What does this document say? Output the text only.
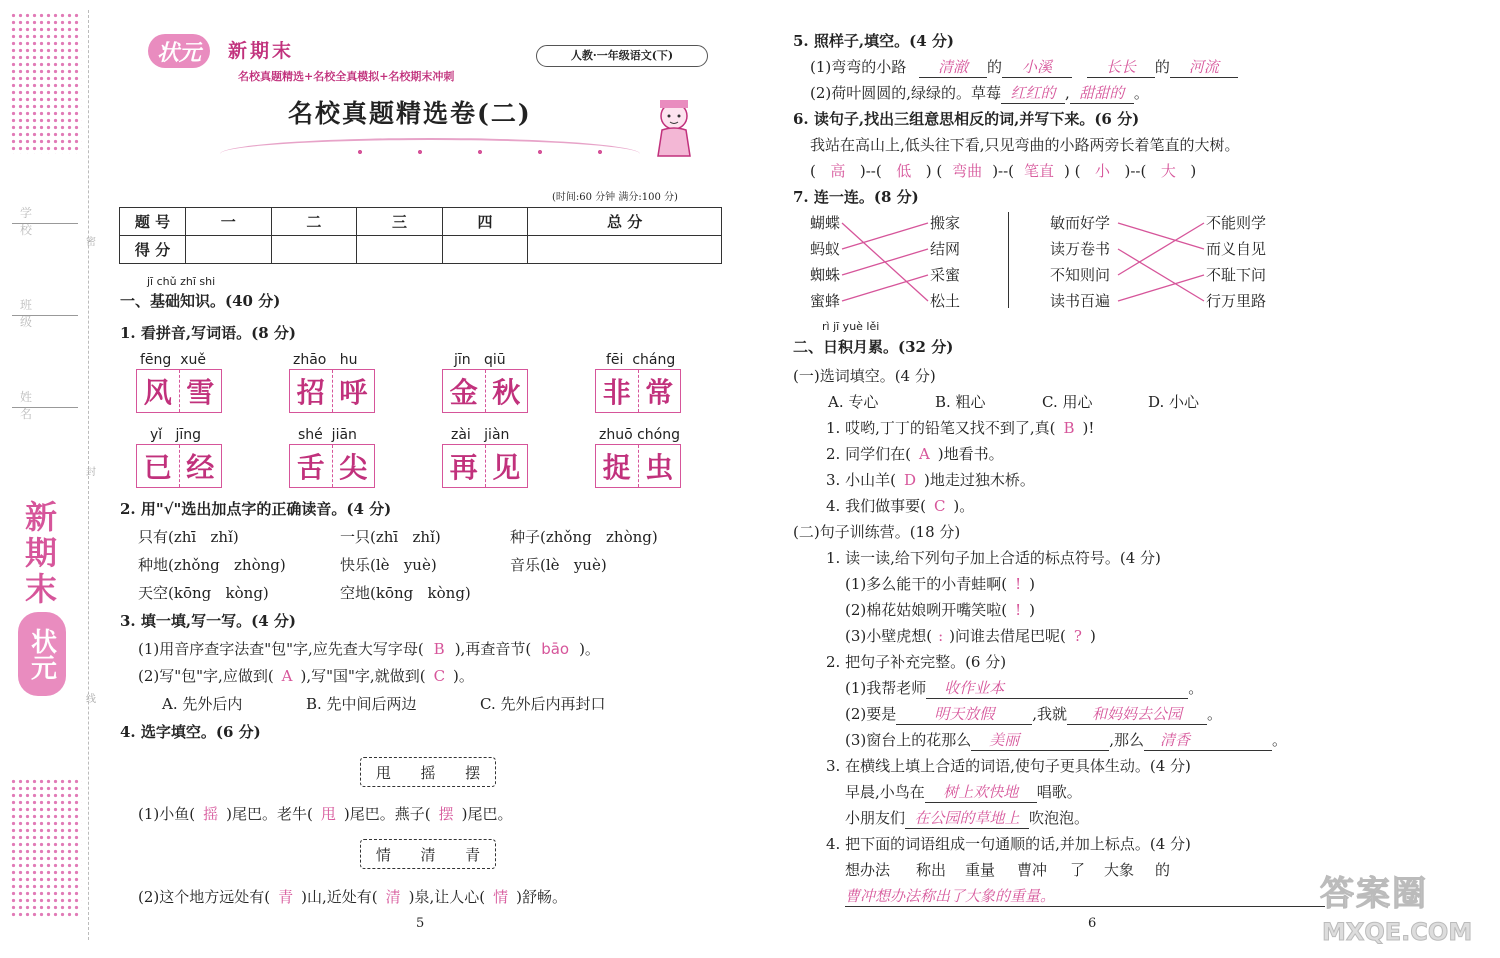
学校
班级
姓名
密
封
线
新期末
状元
状元 新期末
名校真题精选+名校全真模拟+名校期末冲刺
人教·一年级语文(下)
名校真题精选卷(二)
(时间:60 分钟 满分:100 分)
题 号	一	二	三	四	总 分
得 分					
jī chǔ zhī shi
一、基础知识。(40 分)
1. 看拼音,写词语。(8 分)
fēng  xuě
风 雪
zhāo   hu
招 呼
jīn   qiū
金 秋
fēi  cháng
非 常
yǐ   jīng
已 经
shé  jiān
舌 尖
zài   jiàn
再 见
zhuō chóng
捉 虫
2. 用"√"选出加点字的正确读音。(4 分)
只有(zhī   zhǐ)	一只(zhī   zhǐ)	种子(zhǒng   zhòng)
种地(zhǒng   zhòng)	快乐(lè   yuè)	音乐(lè   yuè)
天空(kōng   kòng)	空地(kōng   kòng)
3. 填一填,写一写。(4 分)
(1)用音序查字法查"包"字,应先查大写字母( B ),再查音节( bāo )。
(2)写"包"字,应做到( A ),写"国"字,就做到( C )。
A. 先外后内	B. 先中间后两边	C. 先外后内再封口
4. 选字填空。(6 分)
甩 摇 摆
(1)小鱼( 摇 )尾巴。老牛( 甩 )尾巴。燕子( 摆 )尾巴。
情 清 青
(2)这个地方远处有( 青 )山,近处有( 清 )泉,让人心( 情 )舒畅。
5
5. 照样子,填空。(4 分)
(1)弯弯的小路 清澈 的 小溪	长长 的 河流
(2)荷叶圆圆的,绿绿的。草莓 红红的 , 甜甜的 。
6. 读句子,找出三组意思相反的词,并写下来。(6 分)
我站在高山上,低头往下看,只见弯曲的小路两旁长着笔直的大树。
( 高 )--( 低 ) ( 弯曲 )--( 笔直 ) ( 小 )--( 大 )
7. 连一连。(8 分)
蝴蝶
蚂蚁
蜘蛛
蜜蜂
搬家
结网
采蜜
松土
敏而好学
读万卷书
不知则问
读书百遍
不能则学
而义自见
不耻下问
行万里路
rì jī yuè lěi
二、日积月累。(32 分)
(一)选词填空。(4 分)
A. 专心	B. 粗心	C. 用心	D. 小心
1. 哎哟,丁丁的铅笔又找不到了,真( B )!
2. 同学们在( A )地看书。
3. 小山羊( D )地走过独木桥。
4. 我们做事要( C )。
(二)句子训练营。(18 分)
1. 读一读,给下列句子加上合适的标点符号。(4 分)
(1)多么能干的小青蛙啊( ! )
(2)棉花姑娘咧开嘴笑啦( ! )
(3)小壁虎想( : )问谁去借尾巴呢( ? )
2. 把句子补充完整。(6 分)
(1)我帮老师 收作业本	。
(2)要是	明天放假	,我就 和妈妈去公园 。
(3)窗台上的花那么 美丽	,那么 清香	。
3. 在横线上填上合适的词语,使句子更具体生动。(4 分)
早晨,小鸟在 树上欢快地 唱歌。
小朋友们 在公园的草地上 吹泡泡。
4. 把下面的词语组成一句通顺的话,并加上标点。(4 分)
想办法 称出 重量 曹冲 了 大象 的
曹冲想办法称出了大象的重量。
6
答案圈
MXQE.COM
